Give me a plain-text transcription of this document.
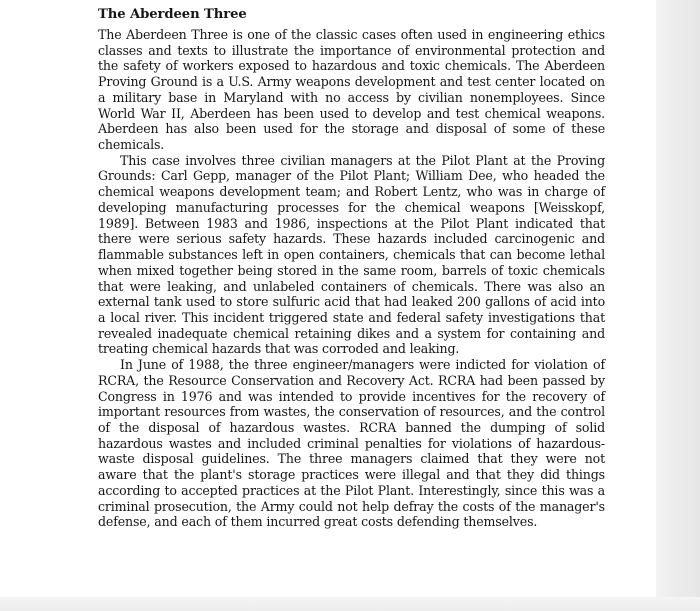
The Aberdeen Three

The Aberdeen Three is one of the classic cases often used in engineering ethics classes and texts to illustrate the importance of environmental protection and the safety of workers exposed to hazardous and toxic chemicals. The Aberdeen Proving Ground is a U.S. Army weapons development and test center located on a military base in Maryland with no access by civilian nonemployees. Since World War II, Aberdeen has been used to develop and test chemical weapons. Aberdeen has also been used for the storage and disposal of some of these chemicals.

This case involves three civilian managers at the Pilot Plant at the Proving Grounds: Carl Gepp, manager of the Pilot Plant; William Dee, who headed the chemical weapons development team; and Robert Lentz, who was in charge of developing manufacturing processes for the chemical weapons [Weisskopf, 1989]. Between 1983 and 1986, inspections at the Pilot Plant indicated that there were serious safety hazards. These hazards included carcinogenic and flammable substances left in open containers, chemicals that can become lethal when mixed together being stored in the same room, barrels of toxic chemicals that were leaking, and unlabeled containers of chemicals. There was also an external tank used to store sulfuric acid that had leaked 200 gallons of acid into a local river. This incident triggered state and federal safety investigations that revealed inadequate chemical retaining dikes and a system for containing and treating chemical hazards that was corroded and leaking.

In June of 1988, the three engineer/managers were indicted for violation of RCRA, the Resource Conservation and Recovery Act. RCRA had been passed by Congress in 1976 and was intended to provide incentives for the recovery of important resources from wastes, the conservation of resources, and the control of the disposal of hazardous wastes. RCRA banned the dumping of solid hazardous wastes and included criminal penalties for violations of hazardous-waste disposal guidelines. The three managers claimed that they were not aware that the plant's storage practices were illegal and that they did things according to accepted practices at the Pilot Plant. Interestingly, since this was a criminal prosecution, the Army could not help defray the costs of the manager's defense, and each of them incurred great costs defending themselves.
